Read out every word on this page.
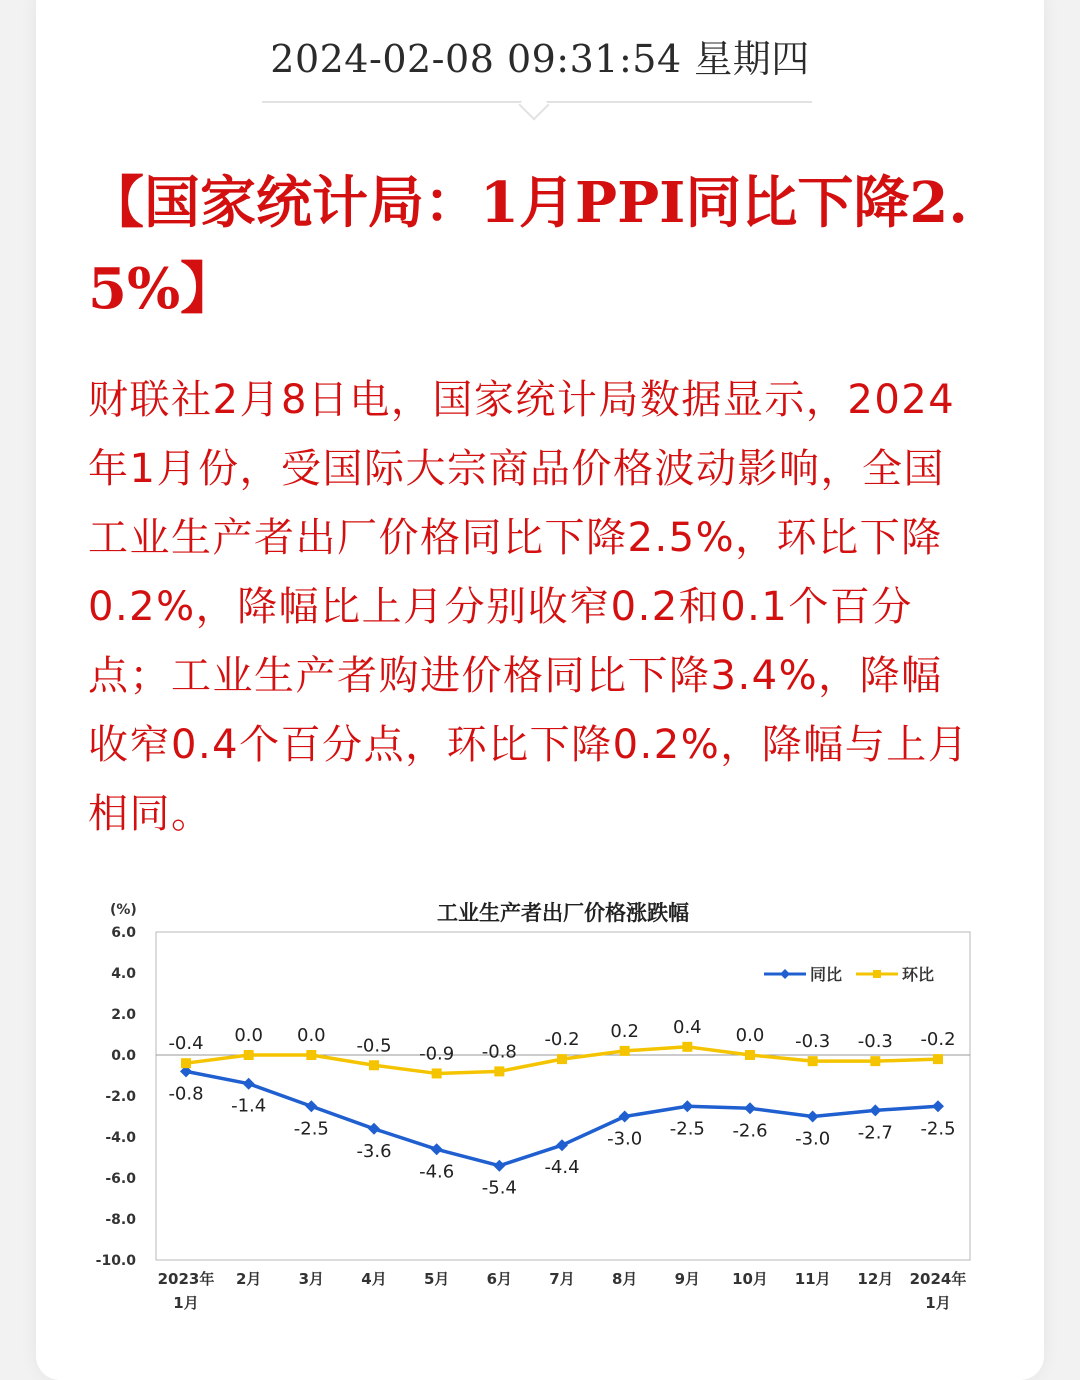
2024-02-08 09:31:54 星期四
【国家统计局：1月PPI同比下降2.5%】

财联社2月8日电，国家统计局数据显示，2024年1月份，受国际大宗商品价格波动影响，全国工业生产者出厂价格同比下降2.5%，环比下降0.2%，降幅比上月分别收窄0.2和0.1个百分点；工业生产者购进价格同比下降3.4%，降幅收窄0.4个百分点，环比下降0.2%，降幅与上月相同。

工业生产者出厂价格涨跌幅
(%)
6.0
4.0
2.0
0.0
-2.0
-4.0
-6.0
-8.0
-10.0
2023年
1月
2月 3月 4月 5月 6月 7月 8月 9月 10月 11月 12月 2024年
1月
-0.8
-1.4
-2.5
-3.6
-4.6
-5.4
-4.4
-3.0 -2.5 -2.6 -3.0 -2.7 -2.5
-0.4 0.0 0.0 -0.5 -0.9 -0.8
-0.2 0.2 0.4 0.0 -0.3 -0.3 -0.2
同比	环比
